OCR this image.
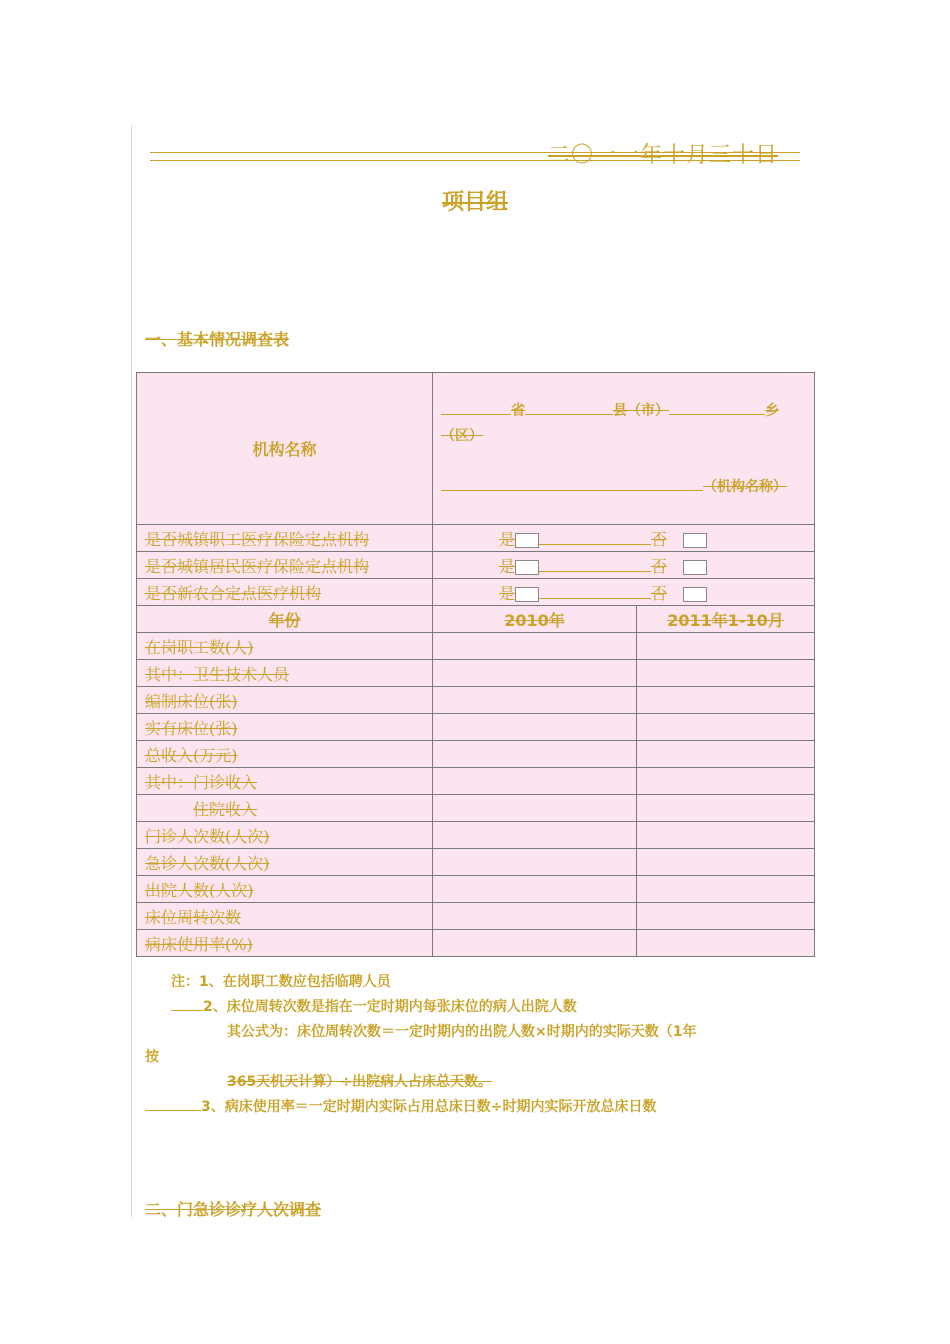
二〇一一年十月三十日
项目组
一、基本情况调查表
机构名称	省 县（市） 乡
（区）
（机构名称）	

是否城镇职工医疗保险定点机构	是 否	
是否城镇居民医疗保险定点机构	是 否	
是否新农合定点医疗机构	是 否	
年份	2010年	2011年1-10月
在岗职工数(人)		
其中：卫生技术人员		
编制床位(张)		
实有床位(张)		
总收入(万元)		
其中：门诊收入		
住院收入		
门诊人次数(人次)		
急诊人次数(人次)		
出院人数(人次)		
床位周转次数		
病床使用率(%)		
注：1、在岗职工数应包括临聘人员
2、床位周转次数是指在一定时期内每张床位的病人出院人数
其公式为：床位周转次数＝一定时期内的出院人数×时期内的实际天数（1年
按
365天机天计算）÷出院病人占床总天数。
3、病床使用率＝一定时期内实际占用总床日数÷时期内实际开放总床日数
二、门急诊诊疗人次调查
